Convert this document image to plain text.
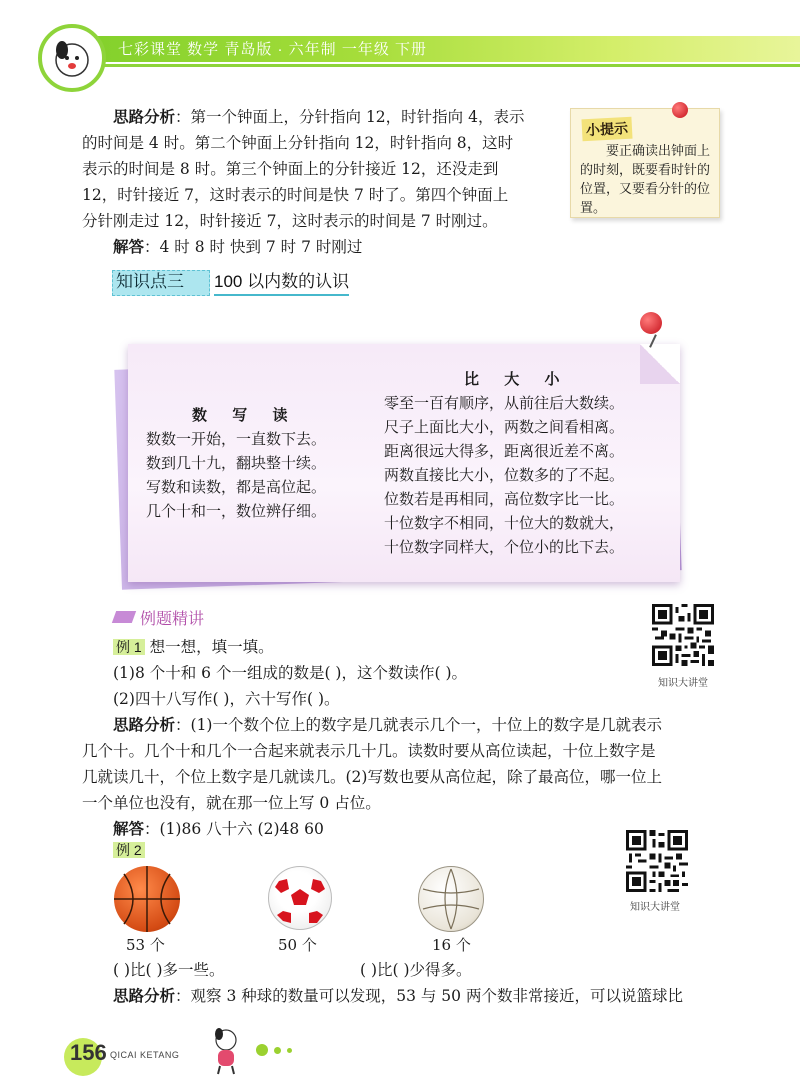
七彩课堂 数学 青岛版 · 六年制 一年级 下册
思路分析：第一个钟面上，分针指向 12，时针指向 4，表示
的时间是 4 时。第二个钟面上分针指向 12，时针指向 8，这时
表示的时间是 8 时。第三个钟面上的分针接近 12，还没走到
12，时针接近 7，这时表示的时间是快 7 时了。第四个钟面上
分针刚走过 12，时针接近 7，这时表示的时间是 7 时刚过。
解答：4 时 8 时 快到 7 时 7 时刚过
小提示
要正确读出钟面上的时刻，既要看时针的位置，又要看分针的位置。
知识点三 100 以内数的认识
数 写 读
数数一开始，一直数下去。
数到几十九，翻块整十续。
写数和读数，都是高位起。
几个十和一，数位辨仔细。
比 大 小
零至一百有顺序，从前往后大数续。
尺子上面比大小，两数之间看相离。
距离很远大得多，距离很近差不离。
两数直接比大小，位数多的了不起。
位数若是再相同，高位数字比一比。
十位数字不相同，十位大的数就大，
十位数字同样大，个位小的比下去。
例题精讲
知识大讲堂
例 1 想一想，填一填。
(1)8 个十和 6 个一组成的数是( )，这个数读作( )。
(2)四十八写作( )，六十写作( )。
思路分析：(1)一个数个位上的数字是几就表示几个一，十位上的数字是几就表示
几个十。几个十和几个一合起来就表示几十几。读数时要从高位读起，十位上数字是
几就读几十，个位上数字是几就读几。(2)写数也要从高位起，除了最高位，哪一位上
一个单位也没有，就在那一位上写 0 占位。
解答：(1)86 八十六 (2)48 60
例 2
知识大讲堂
53 个	50 个	16 个
( )比( )多一些。	( )比( )少得多。
思路分析：观察 3 种球的数量可以发现，53 与 50 两个数非常接近，可以说篮球比
156 QICAI KETANG
